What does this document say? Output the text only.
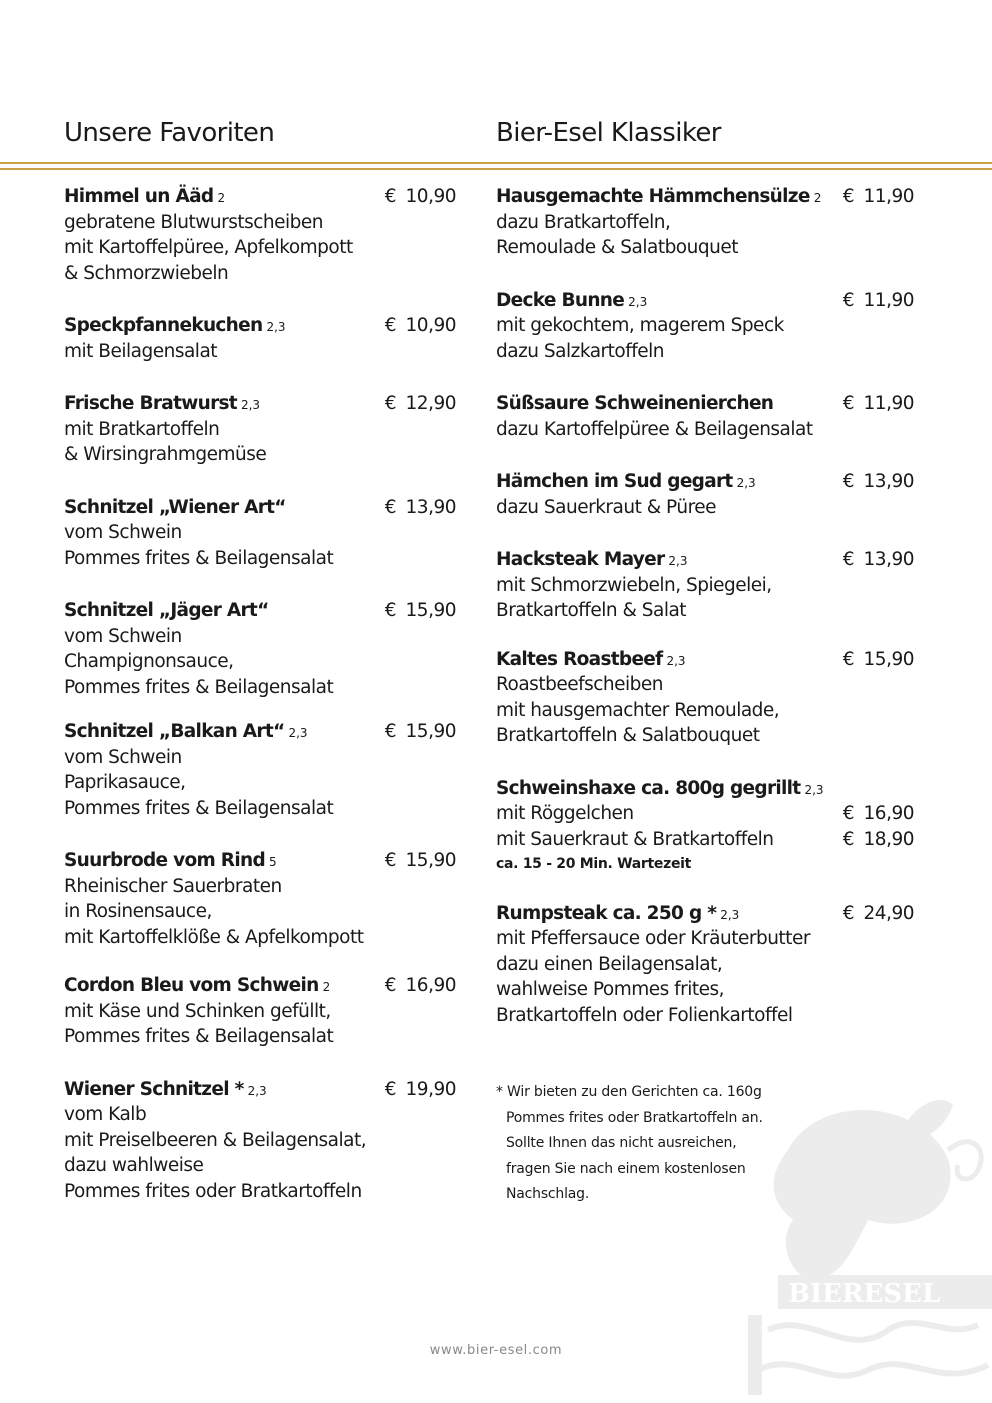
Unsere Favoriten	Bier-Esel Klassiker
Himmel un Ääd 2	€ 10,90
gebratene Blutwurstscheiben
mit Kartoffelpüree, Apfelkompott
& Schmorzwiebeln
Speckpfannekuchen 2,3	€ 10,90
mit Beilagensalat
Frische Bratwurst 2,3	€ 12,90
mit Bratkartoffeln
& Wirsingrahmgemüse
Schnitzel „Wiener Art“	€ 13,90
vom Schwein
Pommes frites & Beilagensalat
Schnitzel „Jäger Art“	€ 15,90
vom Schwein
Champignonsauce,
Pommes frites & Beilagensalat
Schnitzel „Balkan Art“ 2,3	€ 15,90
vom Schwein
Paprikasauce,
Pommes frites & Beilagensalat
Suurbrode vom Rind 5	€ 15,90
Rheinischer Sauerbraten
in Rosinensauce,
mit Kartoffelklöße & Apfelkompott
Cordon Bleu vom Schwein 2	€ 16,90
mit Käse und Schinken gefüllt,
Pommes frites & Beilagensalat
Wiener Schnitzel * 2,3	€ 19,90
vom Kalb
mit Preiselbeeren & Beilagensalat,
dazu wahlweise
Pommes frites oder Bratkartoffeln
Hausgemachte Hämmchensülze 2 € 11,90
dazu Bratkartoffeln,
Remoulade & Salatbouquet
Decke Bunne 2,3	€ 11,90
mit gekochtem, magerem Speck
dazu Salzkartoffeln
Süßsaure Schweinenierchen	€ 11,90
dazu Kartoffelpüree & Beilagensalat
Hämchen im Sud gegart 2,3	€ 13,90
dazu Sauerkraut & Püree
Hacksteak Mayer 2,3	€ 13,90
mit Schmorzwiebeln, Spiegelei,
Bratkartoffeln & Salat
Kaltes Roastbeef 2,3	€ 15,90
Roastbeefscheiben
mit hausgemachter Remoulade,
Bratkartoffeln & Salatbouquet
Schweinshaxe ca. 800g gegrillt 2,3
mit Röggelchen	€ 16,90
mit Sauerkraut & Bratkartoffeln	€ 18,90
ca. 15 - 20 Min. Wartezeit
Rumpsteak ca. 250 g * 2,3	€ 24,90
mit Pfeffersauce oder Kräuterbutter
dazu einen Beilagensalat,
wahlweise Pommes frites,
Bratkartoffeln oder Folienkartoffel
* Wir bieten zu den Gerichten ca. 160g
Pommes frites oder Bratkartoffeln an.
Sollte Ihnen das nicht ausreichen,
fragen Sie nach einem kostenlosen
Nachschlag.
BIERESEL
www.bier-esel.com
